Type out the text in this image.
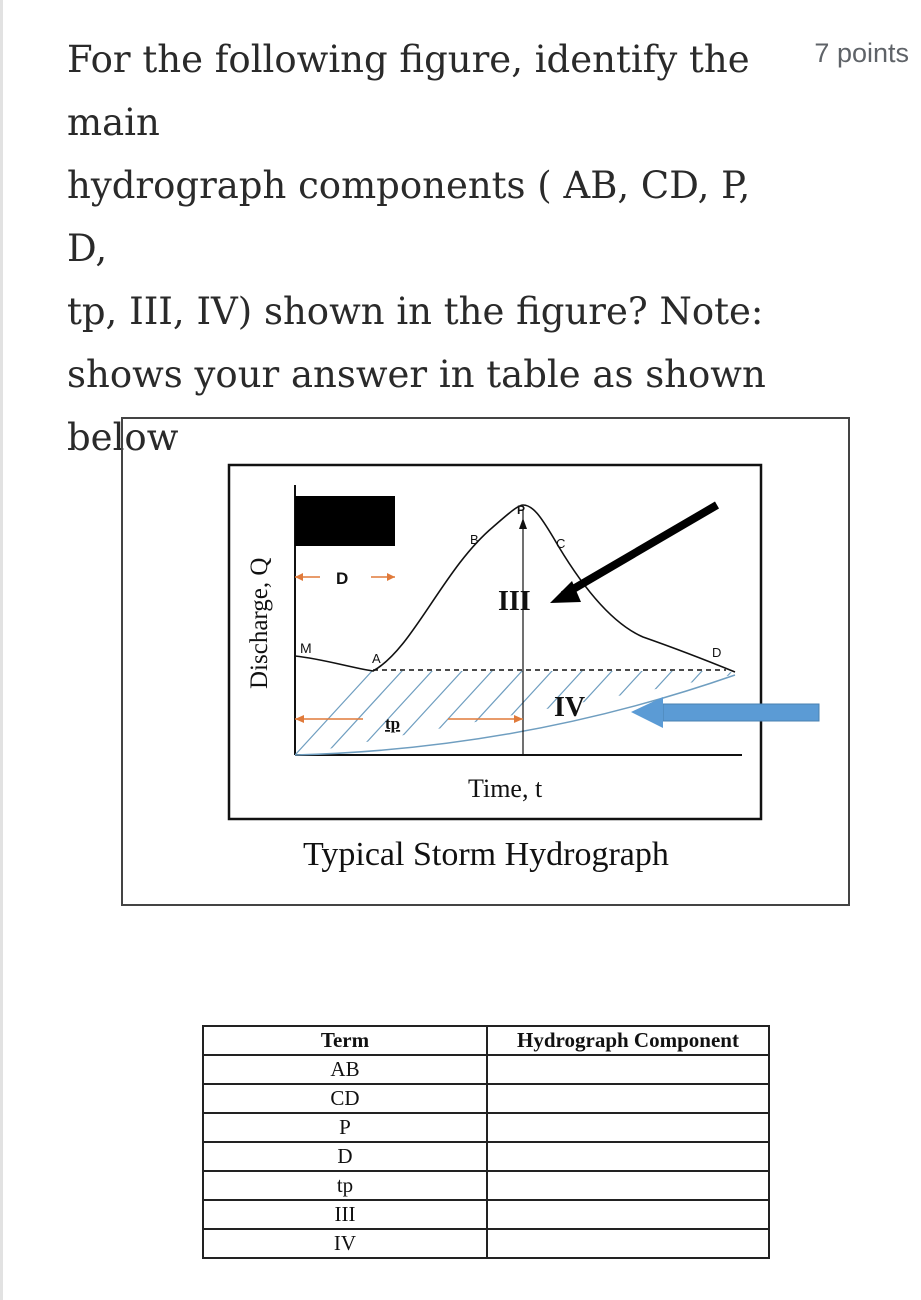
For the following figure, identify the main
hydrograph components ( AB, CD, P, D,
tp, III, IV) shown in the figure? Note:
shows your answer in table as shown
below
7 points
Discharge, Q
Time, t
M
A
B
P
C
D
D
tp
III
IV
Typical Storm Hydrograph
Term	Hydrograph Component
AB	
CD	
P	
D	
tp	
III	
IV	
